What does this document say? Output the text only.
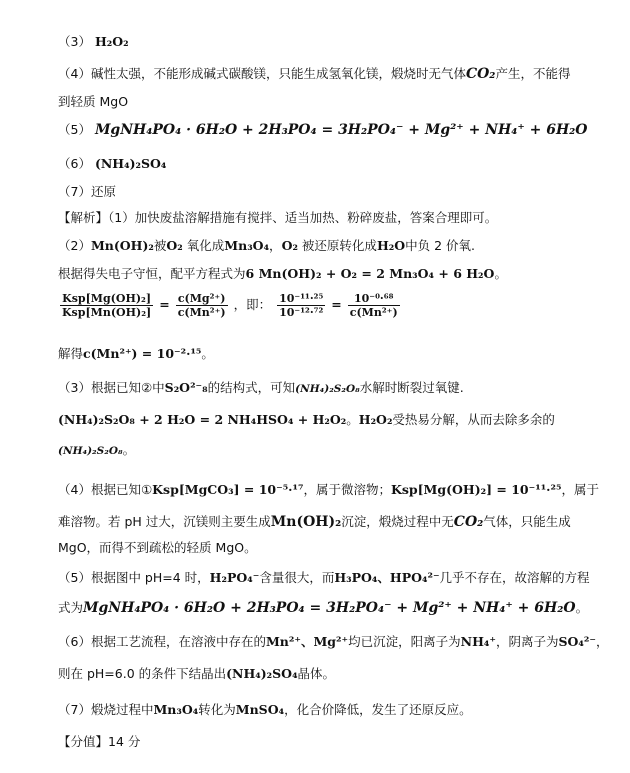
（3） H₂O₂
（4）碱性太强，不能形成碱式碳酸镁，只能生成氢氧化镁，煅烧时无气体CO₂产生，不能得
到轻质 MgO
（5） MgNH₄PO₄ · 6H₂O + 2H₃PO₄ = 3H₂PO₄⁻ + Mg²⁺ + NH₄⁺ + 6H₂O
（6） (NH₄)₂SO₄
（7）还原
【解析】（1）加快废盐溶解措施有搅拌、适当加热、粉碎废盐，答案合理即可。
（2）Mn(OH)₂被O₂ 氧化成Mn₃O₄，O₂ 被还原转化成H₂O中负 2 价氧.
根据得失电子守恒，配平方程式为6 Mn(OH)₂ + O₂ = 2 Mn₃O₄ + 6 H₂O。
$\frac{\text{Ksp[Mg(OH)₂]}}{\text{Ksp[Mn(OH)₂]}} = \frac{\text{c(Mg²⁺)}}{\text{c(Mn²⁺)}}$ ，即： $\frac{\text{10⁻¹¹·²⁵}}{\text{10⁻¹²·⁷²}} = \frac{\text{10⁻⁰·⁶⁸}}{\text{c(Mn²⁺)}}$
解得c(Mn²⁺) = 10⁻²·¹⁵。
（3）根据已知②中S₂O²⁻₈的结构式，可知(NH₄)₂S₂O₈水解时断裂过氧键.
(NH₄)₂S₂O₈ + 2 H₂O = 2 NH₄HSO₄ + H₂O₂。H₂O₂受热易分解，从而去除多余的
(NH₄)₂S₂O₈。
（4）根据已知①Ksp[MgCO₃] = 10⁻⁵·¹⁷，属于微溶物；Ksp[Mg(OH)₂] = 10⁻¹¹·²⁵，属于
难溶物。若 pH 过大，沉镁则主要生成Mn(OH)₂沉淀，煅烧过程中无CO₂气体，只能生成
MgO，而得不到疏松的轻质 MgO。
（5）根据图中 pH=4 时，H₂PO₄⁻含量很大，而H₃PO₄、HPO₄²⁻几乎不存在，故溶解的方程
式为MgNH₄PO₄ · 6H₂O + 2H₃PO₄ = 3H₂PO₄⁻ + Mg²⁺ + NH₄⁺ + 6H₂O。
（6）根据工艺流程，在溶液中存在的Mn²⁺、Mg²⁺均已沉淀，阳离子为NH₄⁺，阴离子为SO₄²⁻，
则在 pH=6.0 的条件下结晶出(NH₄)₂SO₄晶体。
（7）煅烧过程中Mn₃O₄转化为MnSO₄，化合价降低，发生了还原反应。
【分值】14 分
